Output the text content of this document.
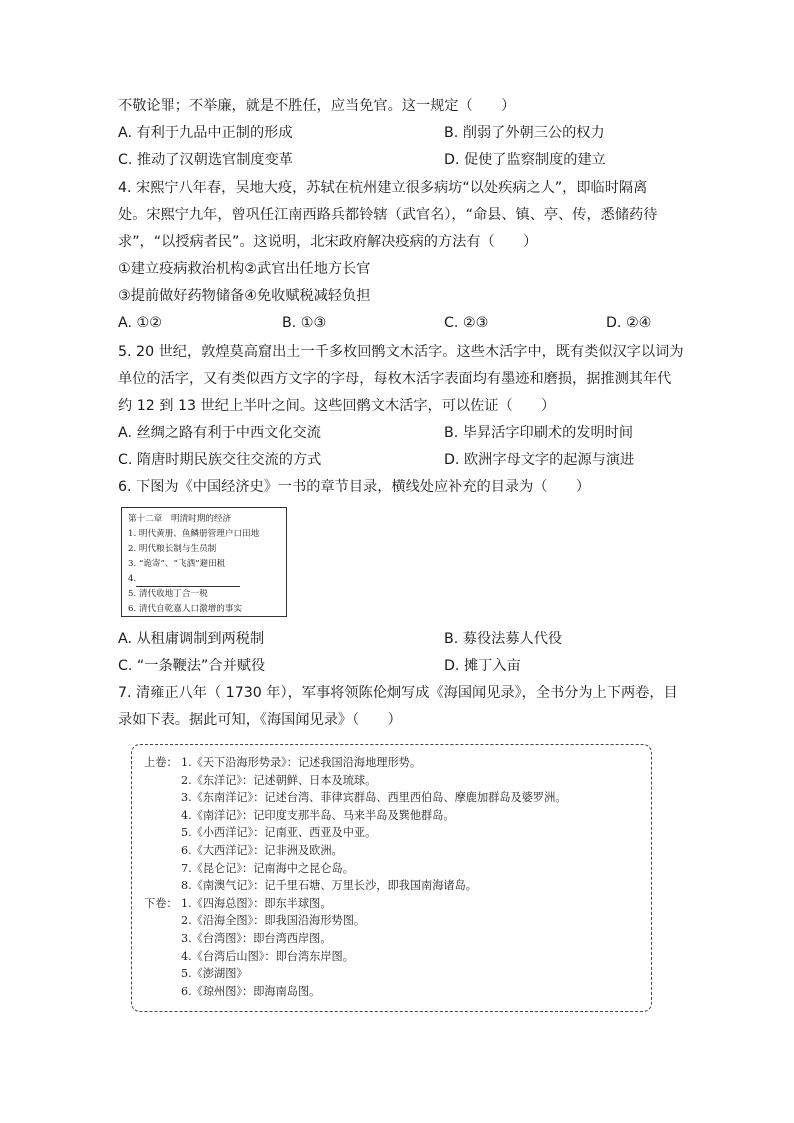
不敬论罪；不举廉，就是不胜任，应当免官。这一规定（　　）
A. 有利于九品中正制的形成	B. 削弱了外朝三公的权力
C. 推动了汉朝选官制度变革	D. 促使了监察制度的建立
4. 宋熙宁八年春，吴地大疫，苏轼在杭州建立很多病坊“以处疾病之人”，即临时隔离
处。宋熙宁九年，曾巩任江南西路兵都铃辖（武官名），“命县、镇、亭、传，悉储药待
求”，“以授病者民”。这说明，北宋政府解决疫病的方法有（　　）
①建立疫病救治机构②武官出任地方长官
③提前做好药物储备④免收赋税减轻负担
A. ①②	B. ①③	C. ②③	D. ②④
5. 20 世纪，敦煌莫高窟出土一千多枚回鹘文木活字。这些木活字中，既有类似汉字以词为
单位的活字，又有类似西方文字的字母，每枚木活字表面均有墨迹和磨损，据推测其年代
约 12 到 13 世纪上半叶之间。这些回鹘文木活字，可以佐证（　　）
A. 丝绸之路有利于中西文化交流	B. 毕昇活字印刷术的发明时间
C. 隋唐时期民族交往交流的方式	D. 欧洲字母文字的起源与演进
6. 下图为《中国经济史》一书的章节目录，横线处应补充的目录为（　　）
第十二章　明清时期的经济
1. 明代黄册、鱼鳞册管理户口田地
2. 明代粮长制与生员制
3. “诡寄”、“飞洒”避田租
4.
5. 清代收地丁合一税
6. 清代自乾嘉人口激增的事实
A. 从租庸调制到两税制	B. 募役法募人代役
C. “一条鞭法”合并赋役	D. 摊丁入亩
7. 清雍正八年（ 1730 年），军事将领陈伦炯写成《海国闻见录》，全书分为上下两卷，目
录如下表。据此可知，《海国闻见录》（　　）
上卷： 1.《天下沿海形势录》：记述我国沿海地理形势。
2.《东洋记》：记述朝鲜、日本及琉球。
3.《东南洋记》：记述台湾、菲律宾群岛、西里西伯岛、摩鹿加群岛及婆罗洲。
4.《南洋记》：记印度支那半岛、马来半岛及巽他群岛。
5.《小西洋记》：记南亚、西亚及中亚。
6.《大西洋记》：记非洲及欧洲。
7.《昆仑记》：记南海中之昆仑岛。
8.《南澳气记》：记千里石塘、万里长沙，即我国南海诸岛。
下卷： 1.《四海总图》：即东半球图。
2.《沿海全图》：即我国沿海形势图。
3.《台湾图》：即台湾西岸图。
4.《台湾后山图》：即台湾东岸图。
5.《澎湖图》
6.《琼州图》：即海南岛图。
